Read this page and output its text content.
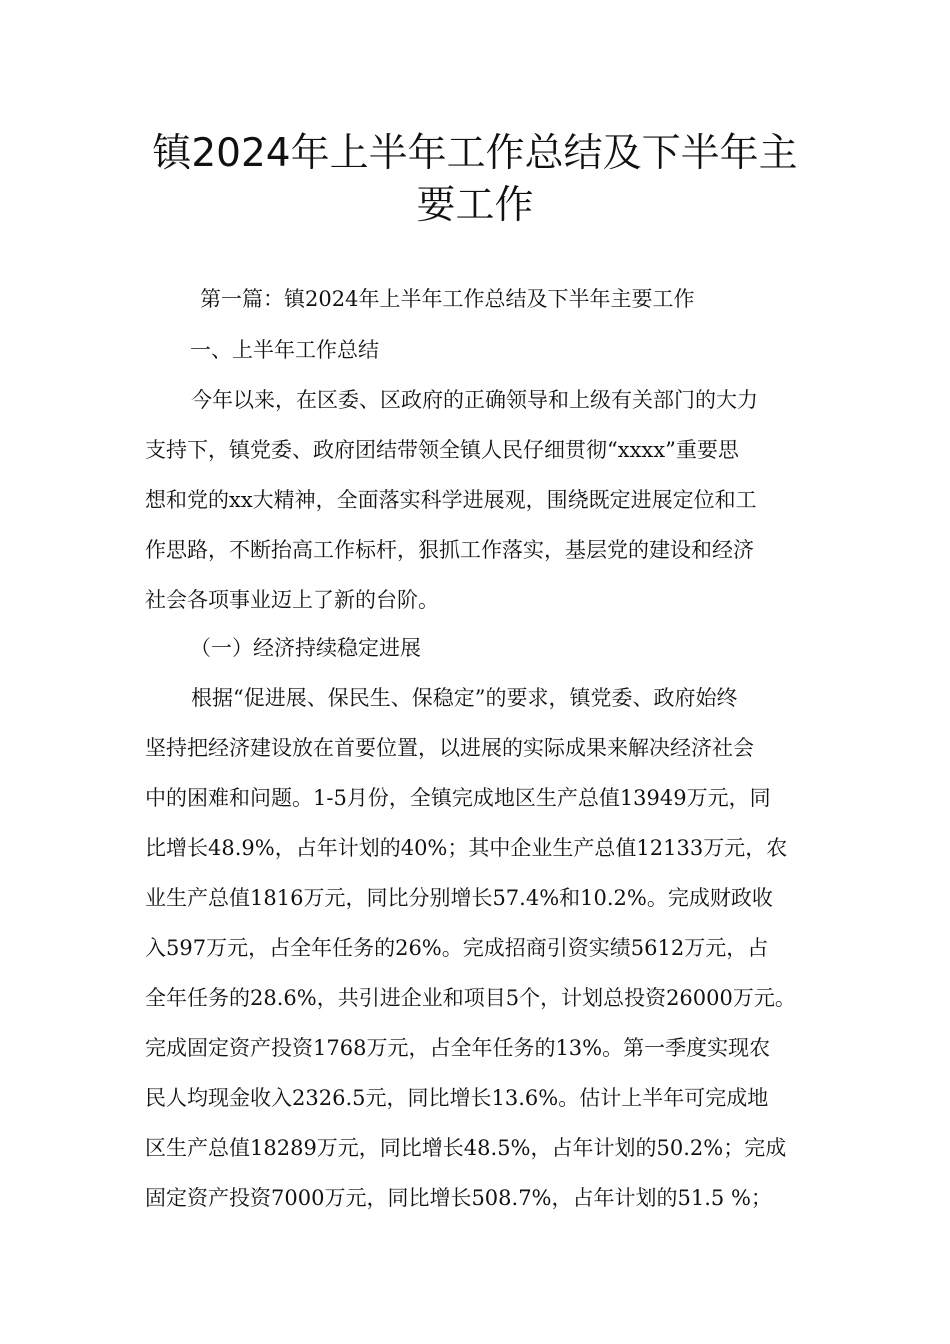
镇2024年上半年工作总结及下半年主
要工作
第一篇：镇2024年上半年工作总结及下半年主要工作
一、上半年工作总结
今年以来，在区委、区政府的正确领导和上级有关部门的大力
支持下，镇党委、政府团结带领全镇人民仔细贯彻“xxxx”重要思
想和党的xx大精神，全面落实科学进展观，围绕既定进展定位和工
作思路，不断抬高工作标杆，狠抓工作落实，基层党的建设和经济
社会各项事业迈上了新的台阶。
（一）经济持续稳定进展
根据“促进展、保民生、保稳定”的要求，镇党委、政府始终
坚持把经济建设放在首要位置，以进展的实际成果来解决经济社会
中的困难和问题。1-5月份，全镇完成地区生产总值13949万元，同
比增长48.9%，占年计划的40%；其中企业生产总值12133万元，农
业生产总值1816万元，同比分别增长57.4%和10.2%。完成财政收
入597万元，占全年任务的26%。完成招商引资实绩5612万元，占
全年任务的28.6%，共引进企业和项目5个，计划总投资26000万元。
完成固定资产投资1768万元，占全年任务的13%。第一季度实现农
民人均现金收入2326.5元，同比增长13.6%。估计上半年可完成地
区生产总值18289万元，同比增长48.5%，占年计划的50.2%；完成
固定资产投资7000万元，同比增长508.7%，占年计划的51.5 %；
